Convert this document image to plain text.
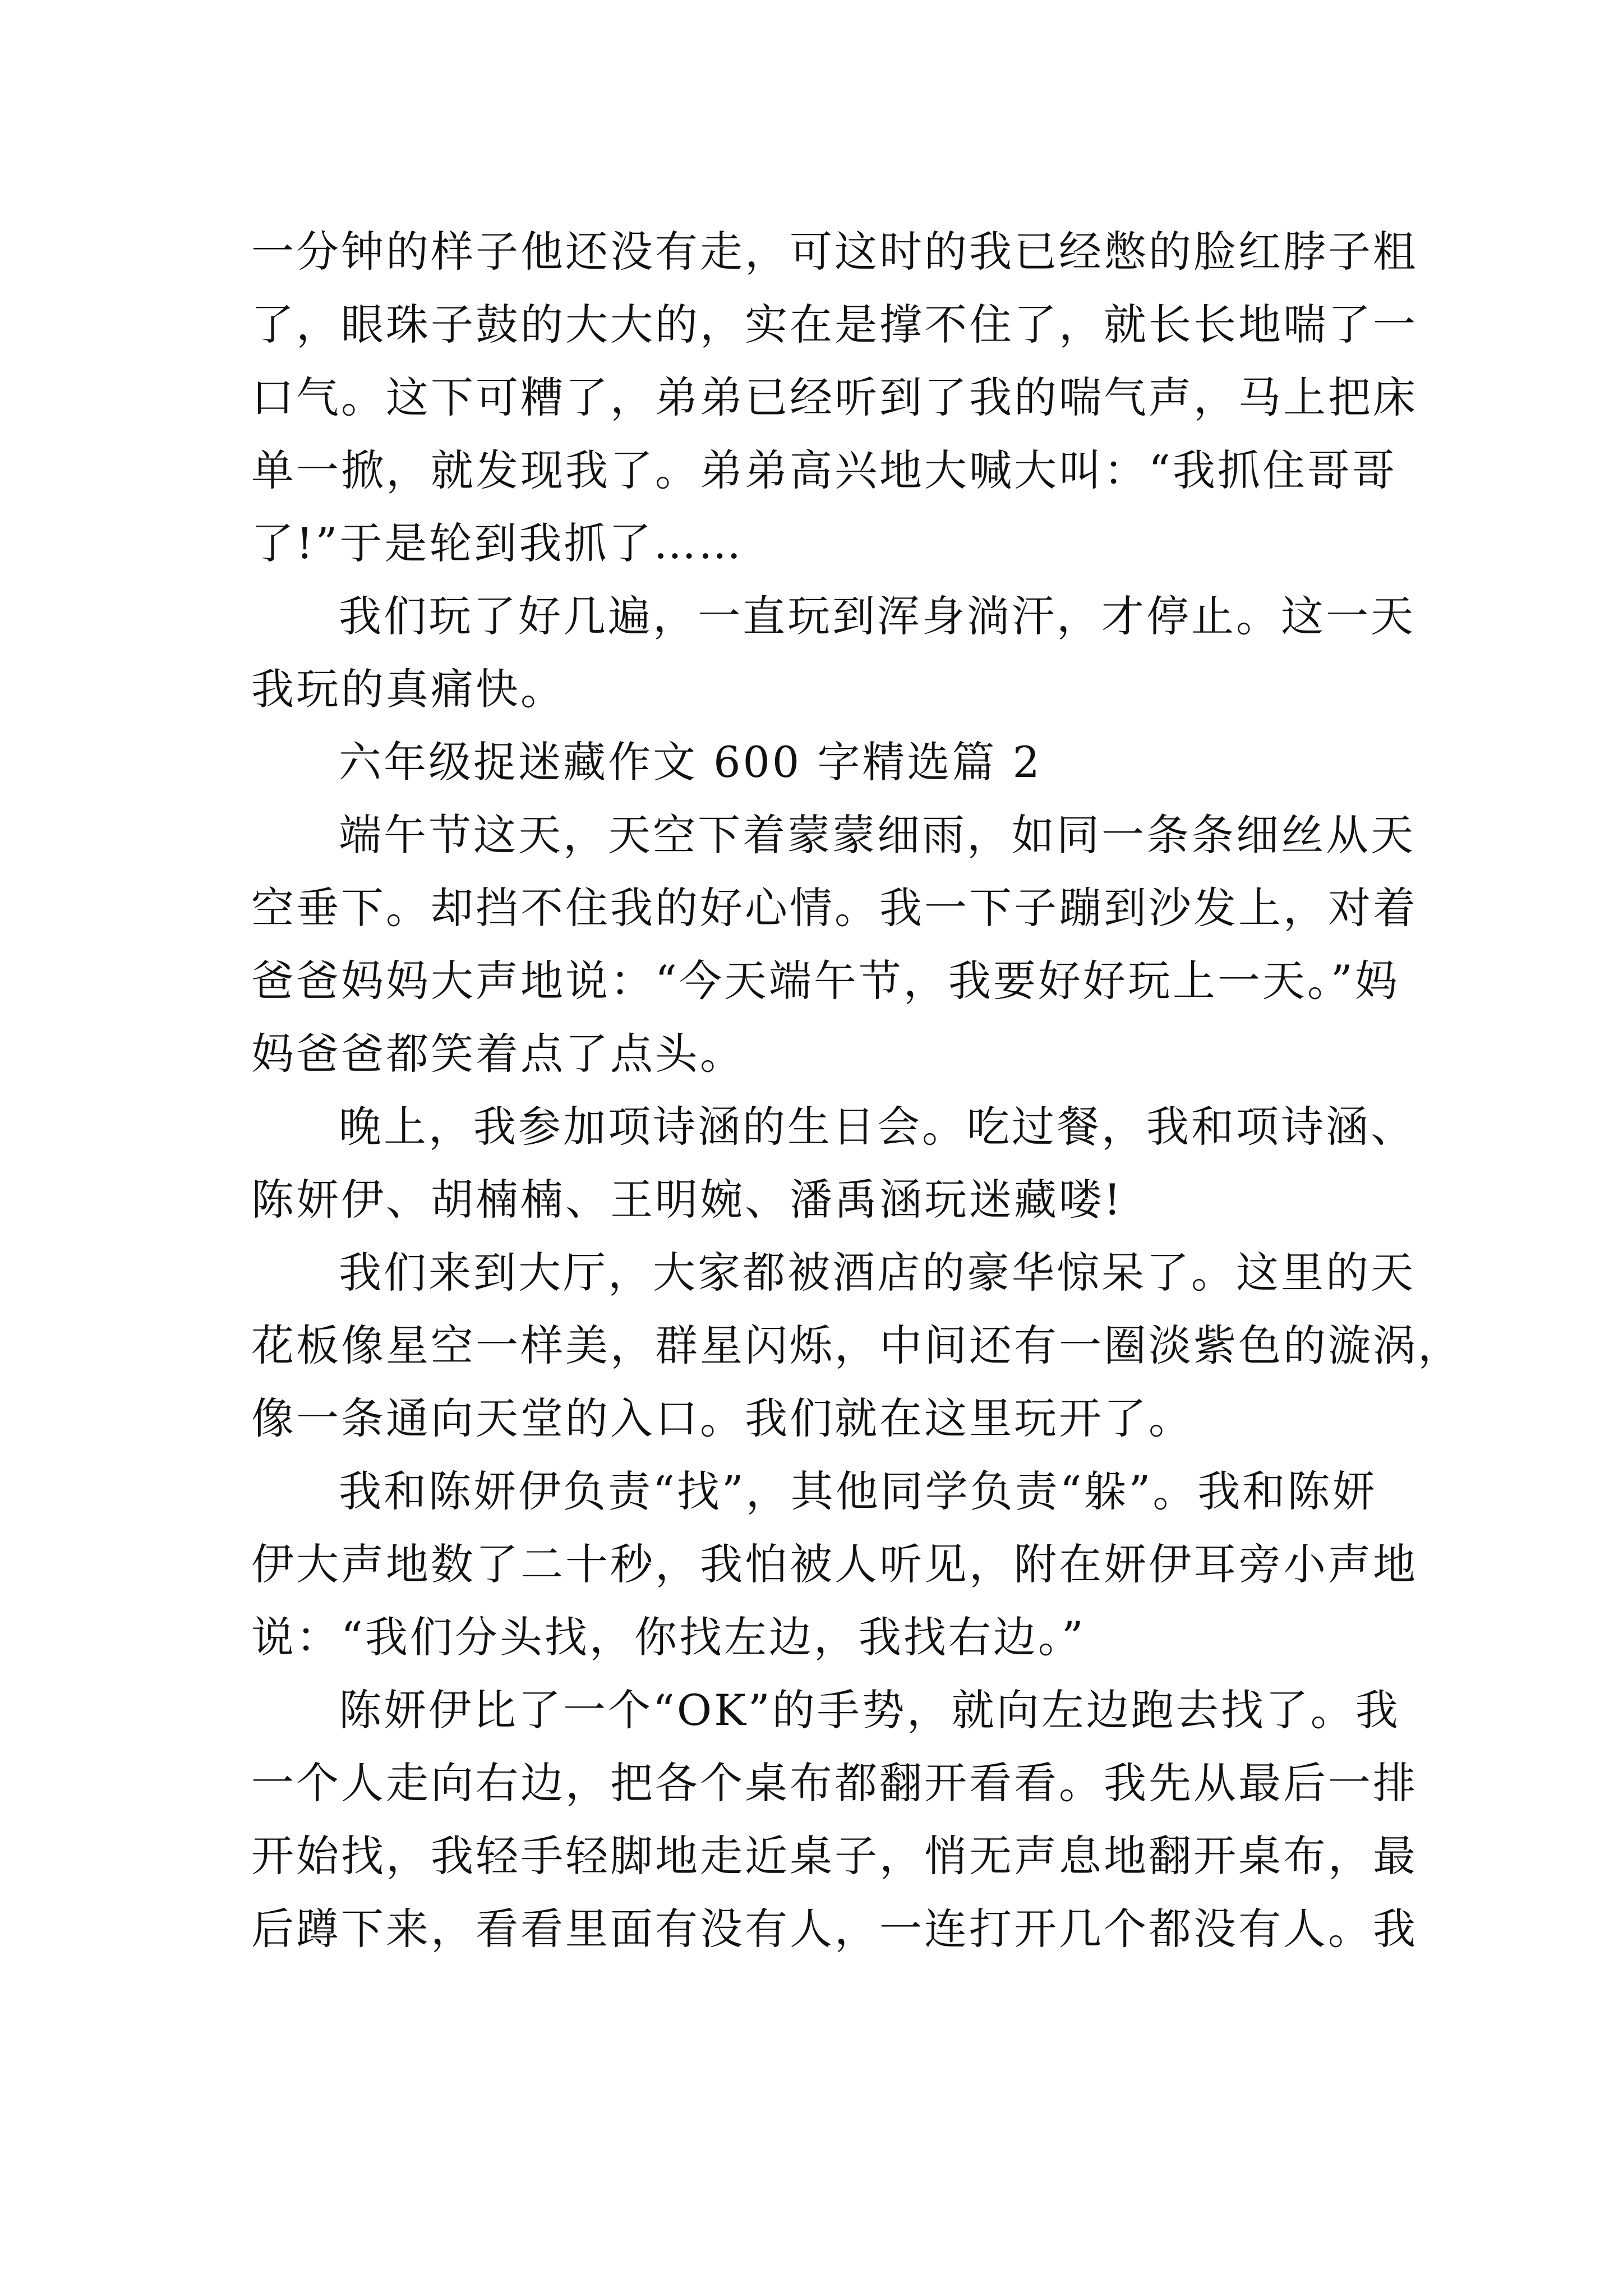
一分钟的样子他还没有走，可这时的我已经憋的脸红脖子粗
了，眼珠子鼓的大大的，实在是撑不住了，就长长地喘了一
口气。这下可糟了，弟弟已经听到了我的喘气声，马上把床
单一掀，就发现我了。弟弟高兴地大喊大叫：“我抓住哥哥
了!”于是轮到我抓了……
我们玩了好几遍，一直玩到浑身淌汗，才停止。这一天
我玩的真痛快。
六年级捉迷藏作文 600 字精选篇 2
端午节这天，天空下着蒙蒙细雨，如同一条条细丝从天
空垂下。却挡不住我的好心情。我一下子蹦到沙发上，对着
爸爸妈妈大声地说：“今天端午节，我要好好玩上一天。”妈
妈爸爸都笑着点了点头。
晚上，我参加项诗涵的生日会。吃过餐，我和项诗涵、
陈妍伊、胡楠楠、王明婉、潘禹涵玩迷藏喽!
我们来到大厅，大家都被酒店的豪华惊呆了。这里的天
花板像星空一样美，群星闪烁，中间还有一圈淡紫色的漩涡，
像一条通向天堂的入口。我们就在这里玩开了。
我和陈妍伊负责“找”，其他同学负责“躲”。我和陈妍
伊大声地数了二十秒，我怕被人听见，附在妍伊耳旁小声地
说：“我们分头找，你找左边，我找右边。”
陈妍伊比了一个“OK”的手势，就向左边跑去找了。我
一个人走向右边，把各个桌布都翻开看看。我先从最后一排
开始找，我轻手轻脚地走近桌子，悄无声息地翻开桌布，最
后蹲下来，看看里面有没有人，一连打开几个都没有人。我
